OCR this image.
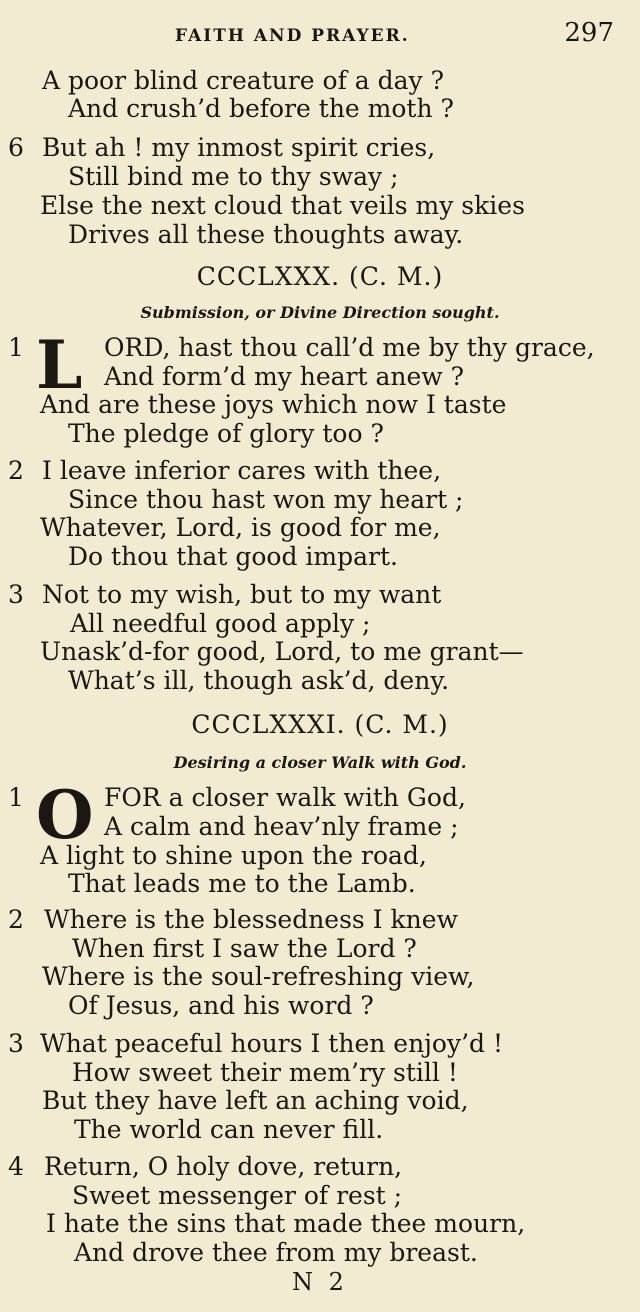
FAITH AND PRAYER.	297
A poor blind creature of a day ?
And crush’d before the moth ?
6 But ah ! my inmost spirit cries,
Still bind me to thy sway ;
Else the next cloud that veils my skies
Drives all these thoughts away.
CCCLXXX. (C. M.)
Submission, or Divine Direction sought.
1 L ORD, hast thou call’d me by thy grace,
And form’d my heart anew ?
And are these joys which now I taste
The pledge of glory too ?
2 I leave inferior cares with thee,
Since thou hast won my heart ;
Whatever, Lord, is good for me,
Do thou that good impart.
3 Not to my wish, but to my want
All needful good apply ;
Unask’d-for good, Lord, to me grant—
What’s ill, though ask’d, deny.
CCCLXXXI. (C. M.)
Desiring a closer Walk with God.
1 O FOR a closer walk with God,
A calm and heav’nly frame ;
A light to shine upon the road,
That leads me to the Lamb.
2 Where is the blessedness I knew
When first I saw the Lord ?
Where is the soul-refreshing view,
Of Jesus, and his word ?
3 What peaceful hours I then enjoy’d !
How sweet their mem’ry still !
But they have left an aching void,
The world can never fill.
4 Return, O holy dove, return,
Sweet messenger of rest ;
I hate the sins that made thee mourn,
And drove thee from my breast.
N 2
